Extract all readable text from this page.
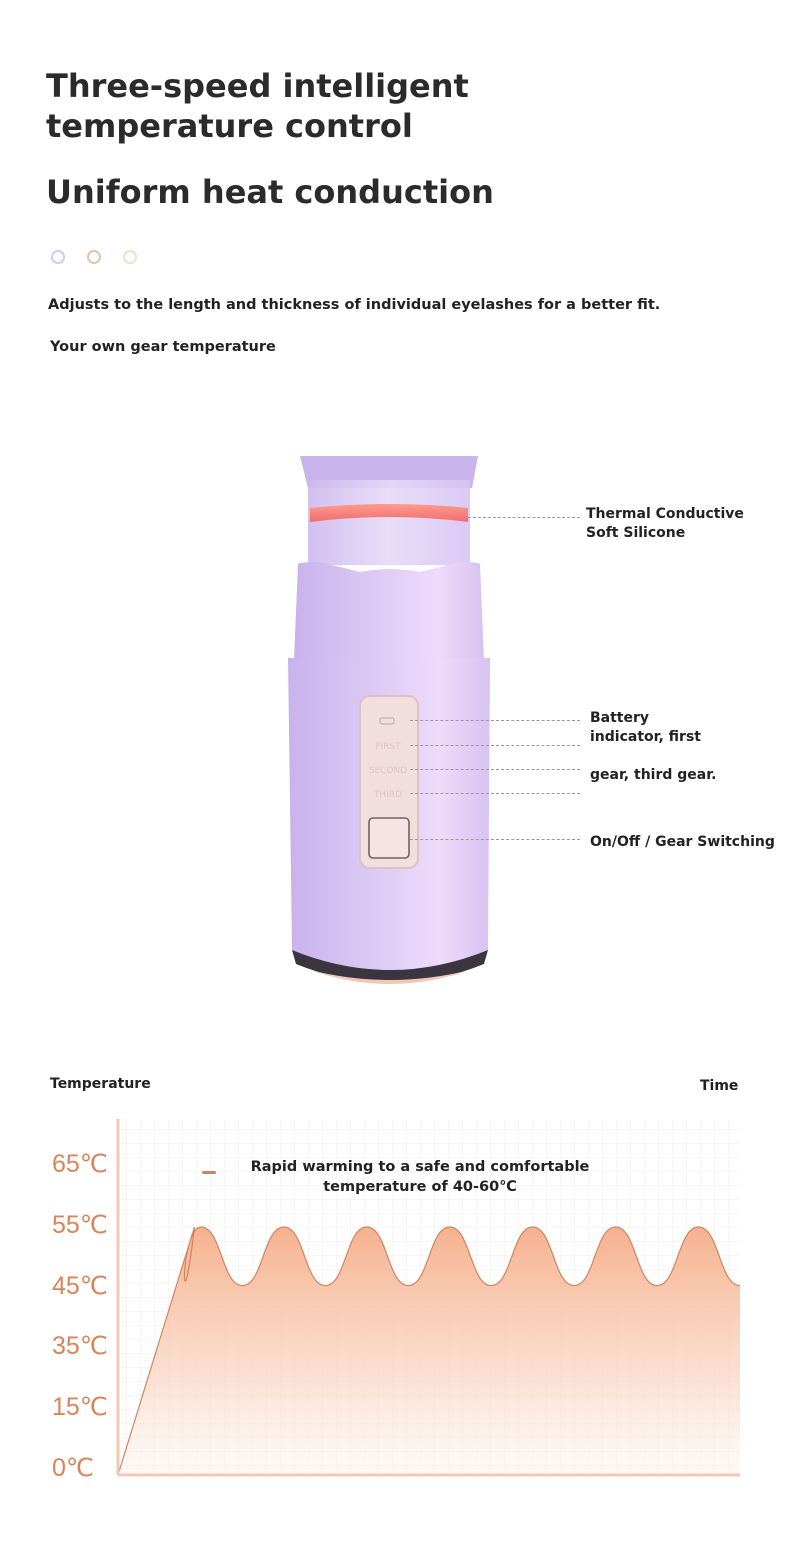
Three-speed intelligent
temperature control
Uniform heat conduction
Adjusts to the length and thickness of individual eyelashes for a better fit.
Your own gear temperature
FIRST
SECOND
THIRD
Thermal Conductive
Soft Silicone
Battery
indicator, first
gear, third gear.
On/Off / Gear Switching
Temperature	Time
65℃
55℃
45℃
35℃
15℃
0℃
Rapid warming to a safe and comfortable temperature of 40-60℃
